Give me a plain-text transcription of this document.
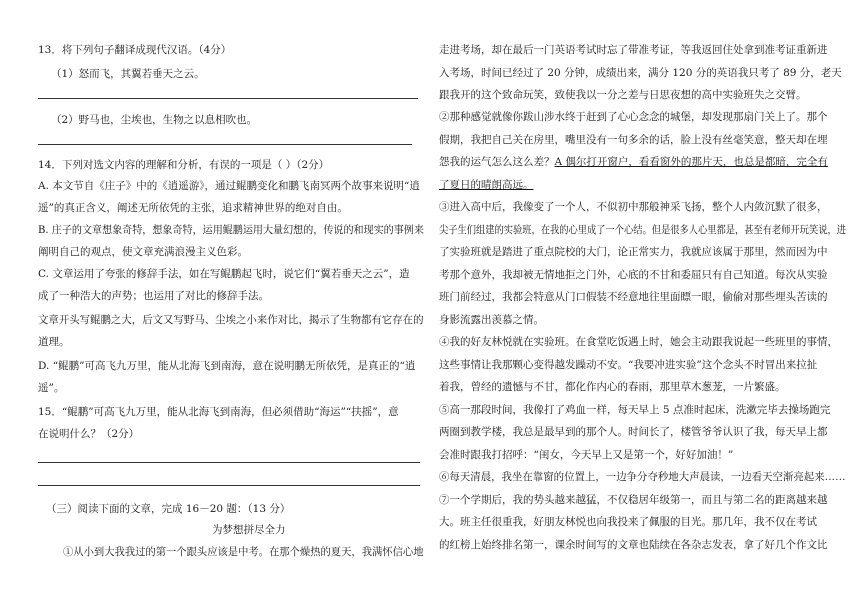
13．将下列句子翻译成现代汉语。（4分）
（1）怒而飞，其翼若垂天之云。
（2）野马也，尘埃也，生物之以息相吹也。
14．下列对选文内容的理解和分析，有误的一项是（ ）（2分）
A. 本文节自《庄子》中的《逍遥游》，通过鲲鹏变化和鹏飞南冥两个故事来说明“逍
遥”的真正含义，阐述无所依凭的主张，追求精神世界的绝对自由。
B. 庄子的文章想象奇特，想象奇特，运用鲲鹏运用大量幻想的，传说的和现实的事例来
阐明自己的观点，使文章充满浪漫主义色彩。
C. 文章运用了夸张的修辞手法，如在写鲲鹏起飞时，说它们“翼若垂天之云”，造
成了一种浩大的声势；也运用了对比的修辞手法。
文章开头写鲲鹏之大，后文又写野马、尘埃之小来作对比，揭示了生物都有它存在的
道理。
D. “鲲鹏”可高飞九万里，能从北海飞到南海，意在说明鹏无所依凭，是真正的“逍
遥”。
15．“鲲鹏”可高飞九万里，能从北海飞到南海，但必须借助“海运”“扶摇”，意
在说明什么？（2分）
（三）阅读下面的文章，完成 16－20 题：（13 分）
为梦想拼尽全力
①从小到大我我过的第一个跟头应该是中考。在那个燥热的夏天，我满怀信心地
走进考场，却在最后一门英语考试时忘了带准考证，等我返回住处拿到准考证重新进
入考场，时间已经过了 20 分钟，成绩出来，满分 120 分的英语我只考了 89 分，老天
跟我开的这个致命玩笑，致使我以一分之差与日思夜想的高中实验班失之交臂。
②那种感觉就像你跋山涉水终于赶到了心心念念的城堡，却发现那扇门关上了。那个
假期，我把自己关在房里，嘴里没有一句多余的话，脸上没有丝毫笑意，整天却在埋
怨我的运气怎么这么差？A 偶尔打开窗户，看看窗外的那片天，也总是都暗，完全有
了夏日的晴朗高远。
③进入高中后，我像变了一个人，不似初中那般神采飞扬，整个人内敛沉默了很多，
尖子生们组建的实验班，在我的心里成了一个心结。但是很多人心里都是，甚至有老师开玩笑说，进
了实验班就是踏进了重点院校的大门，论正常实力，我就应该属于那里，然而因为中
考那个意外，我却被无情地拒之门外，心底的不甘和委屈只有自己知道。每次从实验
班门前经过，我都会特意从门口假装不经意地往里面瞟一眼，偷偷对那些埋头苦读的
身影流露出羡慕之情。
④我的好友林悦就在实验班。在食堂吃饭遇上时，她会主动跟我说起一些班里的事情，
这些事情让我那颗心变得越发躁动不安。“我要冲进实验”这个念头不时冒出来拉扯
着我，曾经的遗憾与不甘，都化作内心的春雨，那里草木葱茏，一片繁盛。
⑤高一那段时间，我像打了鸡血一样，每天早上 5 点准时起床，洗漱完毕去操场跑完
两圈到教学楼，我总是最早到的那个人。时间长了，楼管爷爷认识了我，每天早上都
会准时跟我打招呼：“闺女，今天早上又是第一个，好好加油！”
⑥每天清晨，我坐在靠窗的位置上，一边争分夺秒地大声晨读，一边看天空渐亮起来……
⑦一个学期后，我的势头越来越猛，不仅稳居年级第一，而且与第二名的距离越来越
大。班主任很重我，好朋友林悦也向我投来了佩服的目光。那几年，我不仅在考试
的红榜上始终排名第一，课余时间写的文章也陆续在各杂志发表，拿了好几个作文比
